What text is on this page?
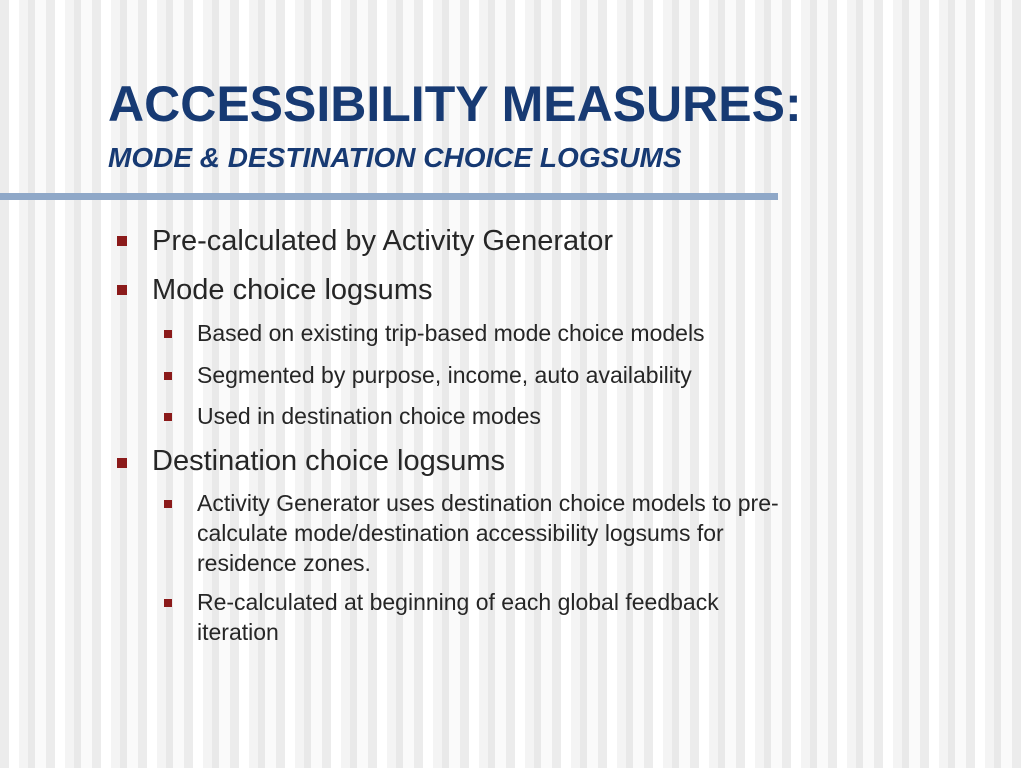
ACCESSIBILITY MEASURES:
MODE & DESTINATION CHOICE LOGSUMS
Pre-calculated by Activity Generator
Mode choice logsums
Based on existing trip-based mode choice models
Segmented by purpose, income, auto availability
Used in destination choice modes
Destination choice logsums
Activity Generator uses destination choice models to pre-
calculate mode/destination accessibility logsums for
residence zones.
Re-calculated at beginning of each global feedback
iteration
